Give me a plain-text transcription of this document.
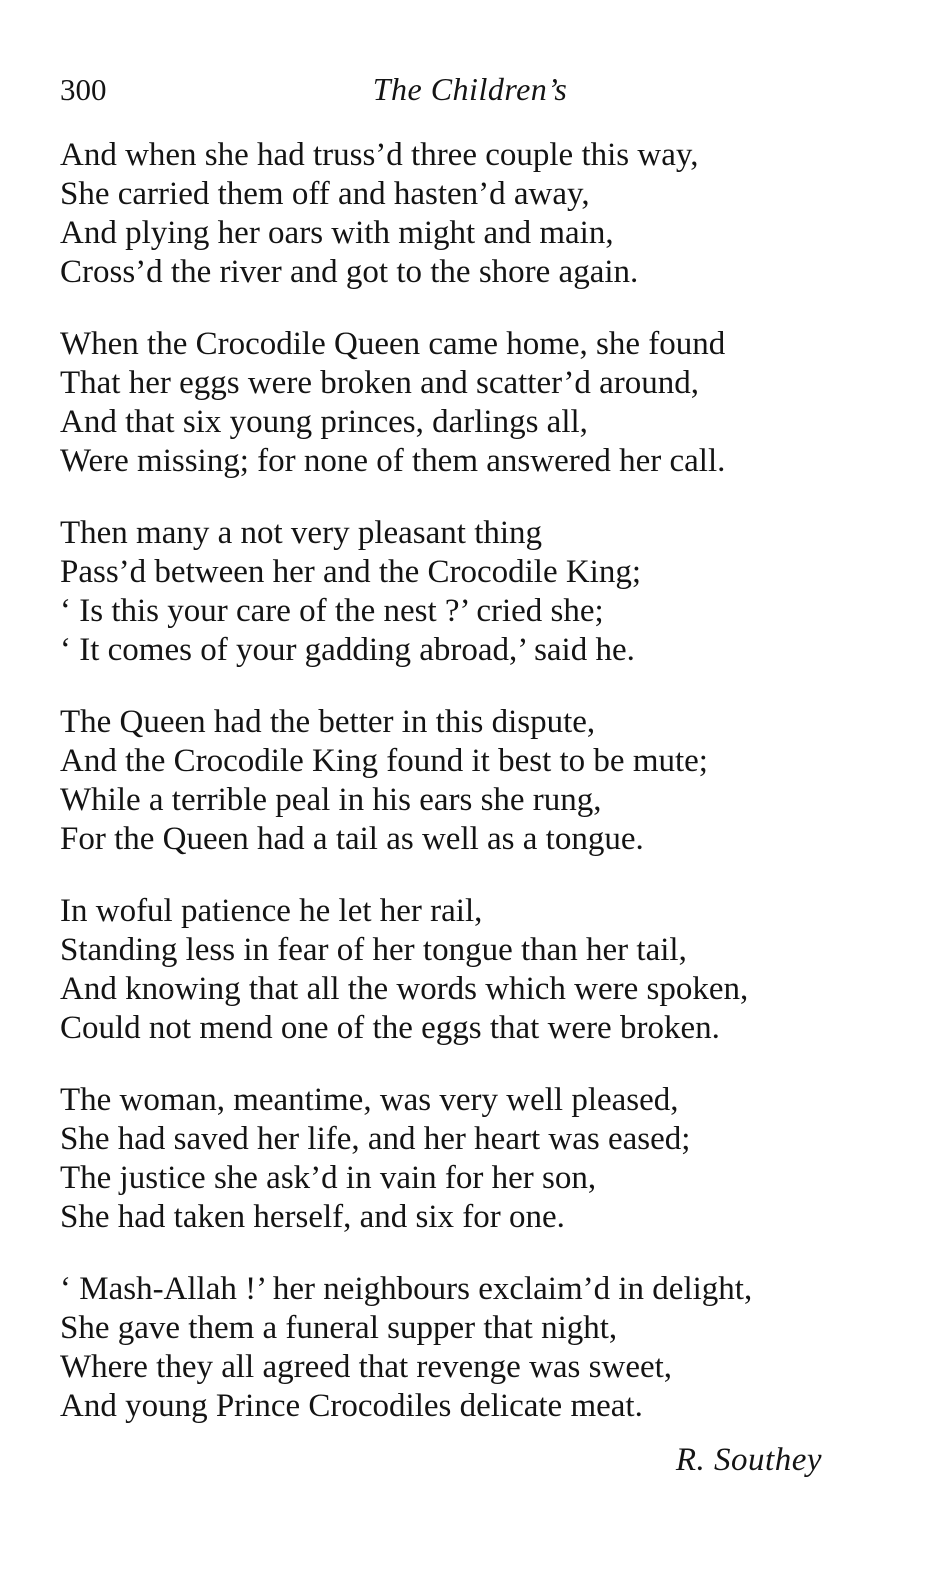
300	The Children’s
And when she had truss’d three couple this way,
She carried them off and hasten’d away,
And plying her oars with might and main,
Cross’d the river and got to the shore again.
When the Crocodile Queen came home, she found
That her eggs were broken and scatter’d around,
And that six young princes, darlings all,
Were missing; for none of them answered her call.
Then many a not very pleasant thing
Pass’d between her and the Crocodile King;
‘ Is this your care of the nest ?’ cried she;
‘ It comes of your gadding abroad,’ said he.
The Queen had the better in this dispute,
And the Crocodile King found it best to be mute;
While a terrible peal in his ears she rung,
For the Queen had a tail as well as a tongue.
In woful patience he let her rail,
Standing less in fear of her tongue than her tail,
And knowing that all the words which were spoken,
Could not mend one of the eggs that were broken.
The woman, meantime, was very well pleased,
She had saved her life, and her heart was eased;
The justice she ask’d in vain for her son,
She had taken herself, and six for one.
‘ Mash-Allah !’ her neighbours exclaim’d in delight,
She gave them a funeral supper that night,
Where they all agreed that revenge was sweet,
And young Prince Crocodiles delicate meat.
R. Southey
